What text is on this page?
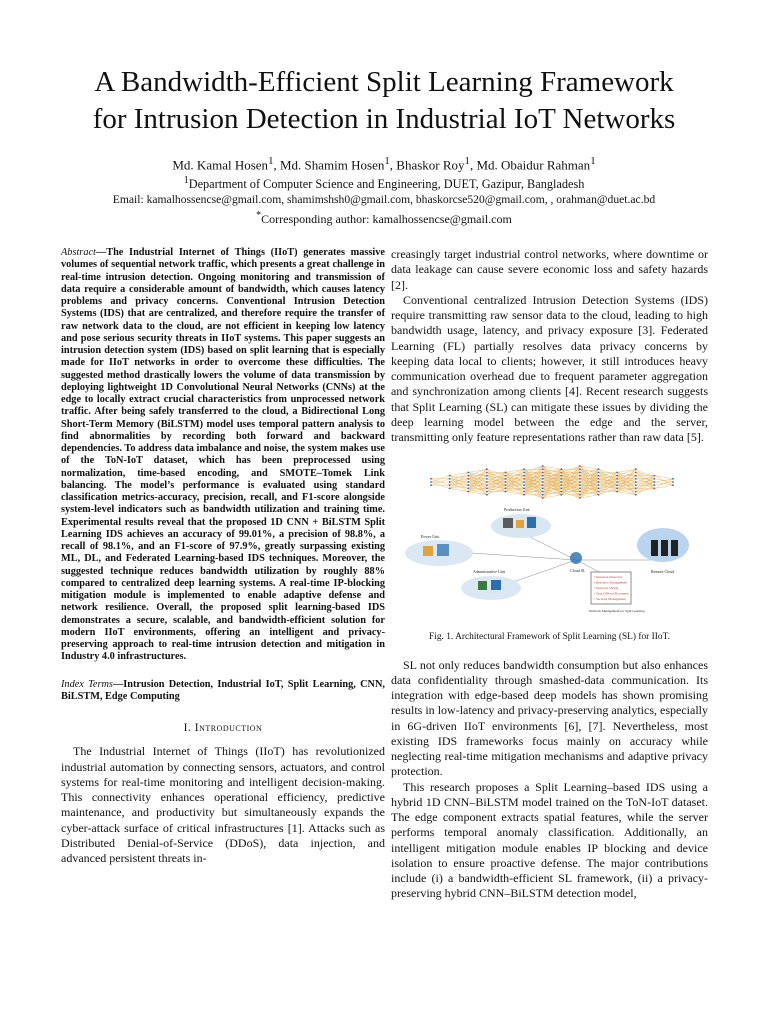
A Bandwidth-Efficient Split Learning Framework
for Intrusion Detection in Industrial IoT Networks
Md. Kamal Hosen$^1$, Md. Shamim Hosen$^1$, Bhaskor Roy$^1$, Md. Obaidur Rahman$^1$
$^1$Department of Computer Science and Engineering, DUET, Gazipur, Bangladesh
Email: kamalhossencse@gmail.com, shamimshsh0@gmail.com, bhaskorcse520@gmail.com, , orahman@duet.ac.bd
*Corresponding author: kamalhossencse@gmail.com

Abstract—The Industrial Internet of Things (IIoT) generates massive volumes of sequential network traffic, which presents a great challenge in real-time intrusion detection. Ongoing monitoring and transmission of data require a considerable amount of bandwidth, which causes latency problems and privacy concerns. Conventional Intrusion Detection Systems (IDS) that are centralized, and therefore require the transfer of raw network data to the cloud, are not efficient in keeping low latency and pose serious security threats in IIoT systems. This paper suggests an intrusion detection system (IDS) based on split learning that is especially made for IIoT networks in order to overcome these difficulties. The suggested method drastically lowers the volume of data transmission by deploying lightweight 1D Convolutional Neural Networks (CNNs) at the edge to locally extract crucial characteristics from unprocessed network traffic. After being safely transferred to the cloud, a Bidirectional Long Short-Term Memory (BiLSTM) model uses temporal pattern analysis to find abnormalities by recording both forward and backward dependencies. To address data imbalance and noise, the system makes use of the ToN-IoT dataset, which has been preprocessed using normalization, time-based encoding, and SMOTE–Tomek Link balancing. The model’s performance is evaluated using standard classification metrics-accuracy, precision, recall, and F1-score alongside system-level indicators such as bandwidth utilization and training time. Experimental results reveal that the proposed 1D CNN + BiLSTM Split Learning IDS achieves an accuracy of 99.01%, a precision of 98.8%, a recall of 98.1%, and an F1-score of 97.9%, greatly surpassing existing ML, DL, and Federated Learning-based IDS techniques. Moreover, the suggested technique reduces bandwidth utilization by roughly 88% compared to centralized deep learning systems. A real-time IP-blocking mitigation module is implemented to enable adaptive defense and network resilience. Overall, the proposed split learning-based IDS demonstrates a secure, scalable, and bandwidth-efficient solution for modern IIoT environments, offering an intelligent and privacy-preserving approach to real-time intrusion detection and mitigation in Industry 4.0 infrastructures.

Index Terms—Intrusion Detection, Industrial IoT, Split Learning, CNN, BiLSTM, Edge Computing

I. Introduction

The Industrial Internet of Things (IIoT) has revolutionized industrial automation by connecting sensors, actuators, and control systems for real-time monitoring and intelligent decision-making. This connectivity enhances operational efficiency, predictive maintenance, and productivity but simultaneously expands the cyber-attack surface of critical infrastructures [1]. Attacks such as Distributed Denial-of-Service (DDoS), data injection, and advanced persistent threats in-

creasingly target industrial control networks, where downtime or data leakage can cause severe economic loss and safety hazards [2].

Conventional centralized Intrusion Detection Systems (IDS) require transmitting raw sensor data to the cloud, leading to high bandwidth usage, latency, and privacy exposure [3]. Federated Learning (FL) partially resolves data privacy concerns by keeping data local to clients; however, it still introduces heavy communication overhead due to frequent parameter aggregation and synchronization among clients [4]. Recent research suggests that Split Learning (SL) can mitigate these issues by dividing the deep learning model between the edge and the server, transmitting only feature representations rather than raw data [5].

Production Unit
Power Unit
Administrative Unit	Cloud SL	Remote Cloud
• Intrusion Detection
• Resource Management
• Network Slicing
• Task Offload Placement
• Security Management
Network Management for Split Learning
Fig. 1. Architectural Framework of Split Learning (SL) for IIoT.

SL not only reduces bandwidth consumption but also enhances data confidentiality through smashed-data communication. Its integration with edge-based deep models has shown promising results in low-latency and privacy-preserving analytics, especially in 6G-driven IIoT environments [6], [7]. Nevertheless, most existing IDS frameworks focus mainly on accuracy while neglecting real-time mitigation mechanisms and adaptive privacy protection.

This research proposes a Split Learning–based IDS using a hybrid 1D CNN–BiLSTM model trained on the ToN-IoT dataset. The edge component extracts spatial features, while the server performs temporal anomaly classification. Additionally, an intelligent mitigation module enables IP blocking and device isolation to ensure proactive defense. The major contributions include (i) a bandwidth-efficient SL framework, (ii) a privacy-preserving hybrid CNN–BiLSTM detection model,
